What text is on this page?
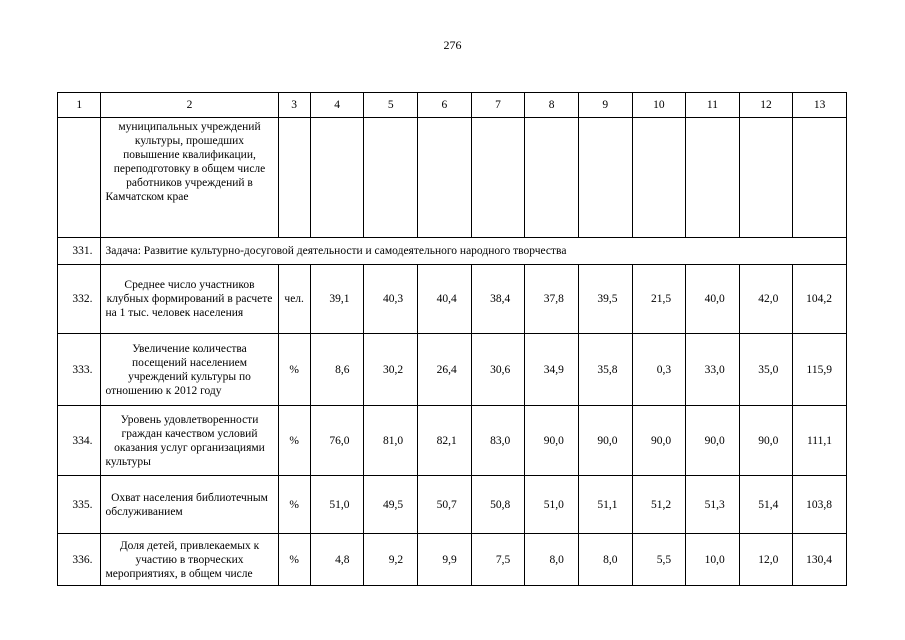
276
1	2	3	4	5	6	7	8	9	10	11	12	13
	муниципальных учреждений культуры, прошедших повышение квалификации, переподготовку в общем числе работников учреждений в Камчатском крае											
331.	Задача: Развитие культурно-досуговой деятельности и самодеятельного народного творчества											
332.	Среднее число участников клубных формирований в расчете на 1 тыс. человек населения	чел.	39,1	40,3	40,4	38,4	37,8	39,5	21,5	40,0	42,0	104,2
333.	Увеличение количества посещений населением учреждений культуры по отношению к 2012 году	%	8,6	30,2	26,4	30,6	34,9	35,8	0,3	33,0	35,0	115,9
334.	Уровень удовлетворенности граждан качеством условий оказания услуг организациями культуры	%	76,0	81,0	82,1	83,0	90,0	90,0	90,0	90,0	90,0	111,1
335.	Охват населения библиотечным обслуживанием	%	51,0	49,5	50,7	50,8	51,0	51,1	51,2	51,3	51,4	103,8
336.	Доля детей, привлекаемых к участию в творческих мероприятиях, в общем числе	%	4,8	9,2	9,9	7,5	8,0	8,0	5,5	10,0	12,0	130,4
